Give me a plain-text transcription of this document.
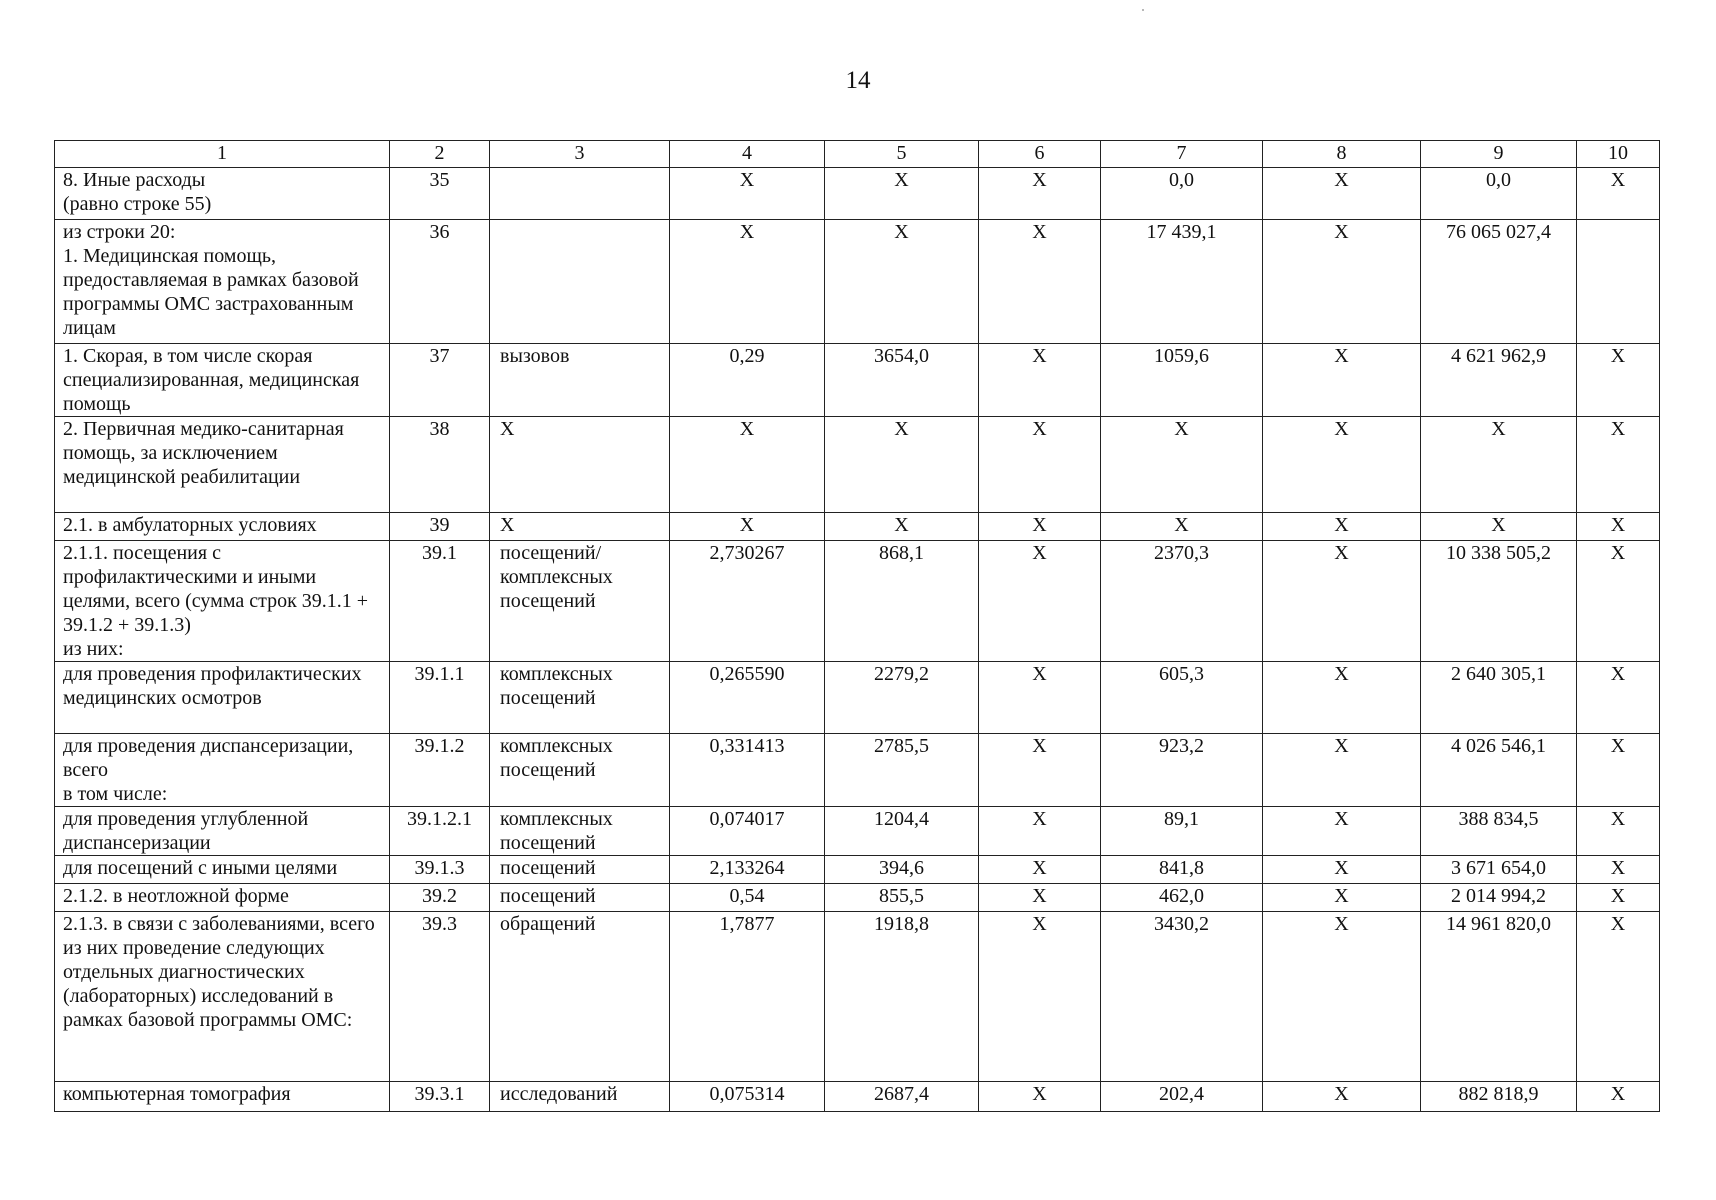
14
1	2	3	4	5	6	7	8	9	10
8. Иные расходы
(равно строке 55)	35		X	X	X	0,0	X	0,0	X
из строки 20:
1. Медицинская помощь, предоставляемая в рамках базовой программы ОМС застрахованным лицам	36		X	X	X	17 439,1	X	76 065 027,4	
1. Скорая, в том числе скорая специализированная, медицинская помощь	37	вызовов	0,29	3654,0	X	1059,6	X	4 621 962,9	X
2. Первичная медико-санитарная помощь, за исключением медицинской реабилитации	38	X	X	X	X	X	X	X	X
2.1. в амбулаторных условиях	39	X	X	X	X	X	X	X	X
2.1.1. посещения с профилактическими и иными целями, всего (сумма строк 39.1.1 + 39.1.2 + 39.1.3)
из них:	39.1	посещений/
комплексных
посещений	2,730267	868,1	X	2370,3	X	10 338 505,2	X
для проведения профилактических медицинских осмотров	39.1.1	комплексных
посещений	0,265590	2279,2	X	605,3	X	2 640 305,1	X
для проведения диспансеризации, всего
в том числе:	39.1.2	комплексных
посещений	0,331413	2785,5	X	923,2	X	4 026 546,1	X
для проведения углубленной диспансеризации	39.1.2.1	комплексных
посещений	0,074017	1204,4	X	89,1	X	388 834,5	X
для посещений с иными целями	39.1.3	посещений	2,133264	394,6	X	841,8	X	3 671 654,0	X
2.1.2. в неотложной форме	39.2	посещений	0,54	855,5	X	462,0	X	2 014 994,2	X
2.1.3. в связи с заболеваниями, всего
из них проведение следующих отдельных диагностических (лабораторных) исследований в рамках базовой программы ОМС:	39.3	обращений	1,7877	1918,8	X	3430,2	X	14 961 820,0	X
компьютерная томография	39.3.1	исследований	0,075314	2687,4	X	202,4	X	882 818,9	X
